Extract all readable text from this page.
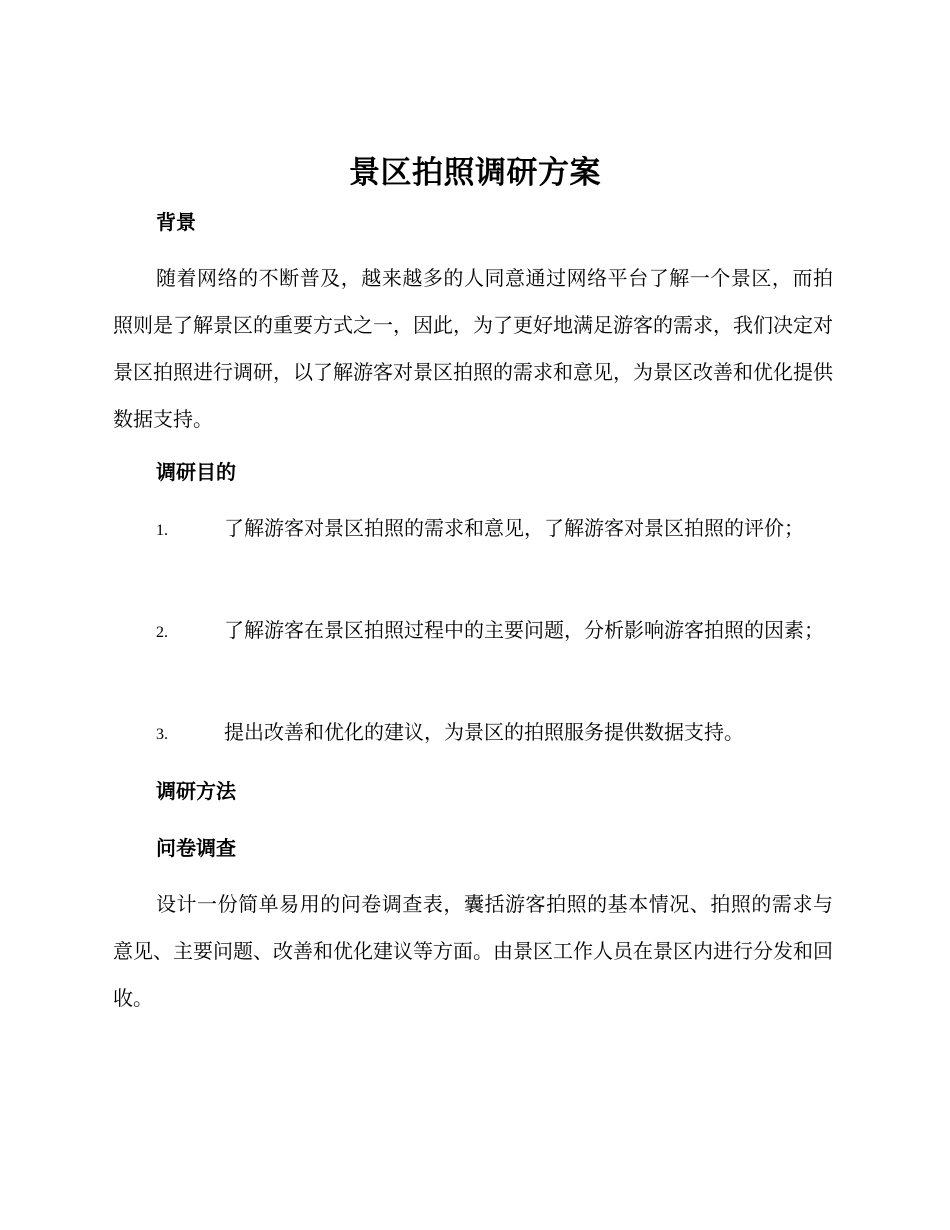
景区拍照调研方案
背景
随着网络的不断普及，越来越多的人同意通过网络平台了解一个景区，而拍照则是了解景区的重要方式之一，因此，为了更好地满足游客的需求，我们决定对景区拍照进行调研，以了解游客对景区拍照的需求和意见，为景区改善和优化提供数据支持。
调研目的
1.	了解游客对景区拍照的需求和意见，了解游客对景区拍照的评价；
2.	了解游客在景区拍照过程中的主要问题，分析影响游客拍照的因素；
3.	提出改善和优化的建议，为景区的拍照服务提供数据支持。
调研方法
问卷调查
设计一份简单易用的问卷调查表，囊括游客拍照的基本情况、拍照的需求与意见、主要问题、改善和优化建议等方面。由景区工作人员在景区内进行分发和回收。
